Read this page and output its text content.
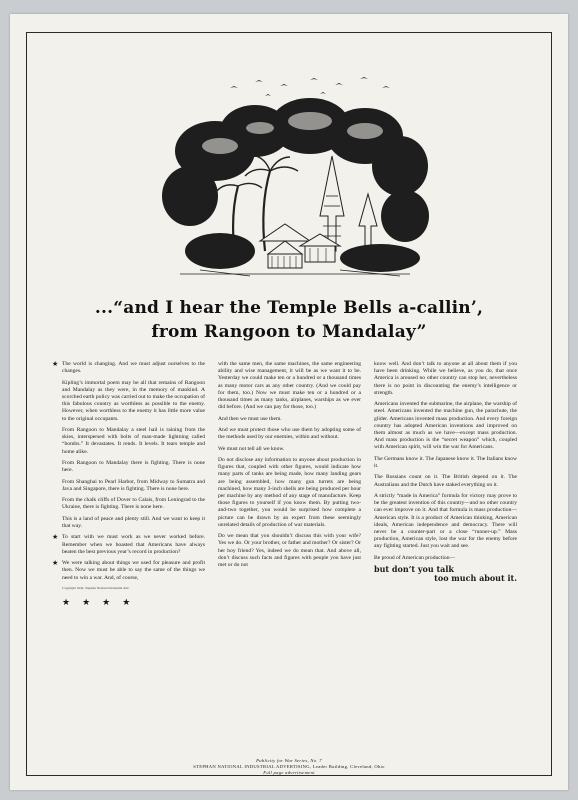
...“and I hear the Temple Bells a-callin’,
from Rangoon to Mandalay”

★ The world is changing. And we must adjust ourselves to the changes.

Kipling’s immortal poem may be all that remains of Rangoon and Mandalay as they were, in the memory of mankind. A scorched earth policy was carried out to make the occupation of this fabulous country as worthless as possible to the enemy. However, when worthless to the enemy it has little more value to the original occupants.

From Rangoon to Mandalay a steel hail is raining from the skies, interspersed with bolts of man-made lightning called “bombs.” It devastates. It rends. It levels. It tears temple and home alike.

From Rangoon to Mandalay there is fighting. There is none here.

From Shanghai to Pearl Harbor, from Midway to Sumatra and Java and Singapore, there is fighting. There is none here.

From the chalk cliffs of Dover to Calais, from Leningrad to the Ukraine, there is fighting. There is none here.

This is a land of peace and plenty still. And we want to keep it that way.

★ To start with we must work as we never worked before. Remember when we boasted that Americans have always beaten the best previous year’s record in production?

★ We were talking about things we used for pleasure and profit then. Now we must be able to say the same of the things we need to win a war. And, of course,

Copyright 1942, Stephan National Industrial Adv.
★ ★ ★ ★

with the same men, the same machines, the same engineering ability and wise management, it will be as we want it to be. Yesterday we could make ten or a hundred or a thousand times as many motor cars as any other country. (And we could pay for them, too.) Now we must make ten or a hundred or a thousand times as many tanks, airplanes, warships as we ever did before. (And we can pay for those, too.)

And then we must use them.

And we must protect those who use them by adopting some of the methods used by our enemies, within and without.

We must not tell all we know.

Do not disclose any information to anyone about production in figures that, coupled with other figures, would indicate how many parts of tanks are being made, how many landing gears are being assembled, how many gun turrets are being machined, how many 3-inch shells are being produced per hour per machine by any method of any stage of manufacture. Keep those figures to yourself if you know them. By putting two-and-two together, you would be surprised how complete a picture can be drawn by an expert from these seemingly unrelated details of production of war materials.

Do we mean that you shouldn’t discuss this with your wife? Yes we do. Or your brother, or father and mother? Or sister? Or her boy friend? Yes, indeed we do mean that. And above all, don’t discuss such facts and figures with people you have just met or do not

know well. And don’t talk to anyone at all about them if you have been drinking. While we believe, as you do, that once America is aroused no other country can stop her, nevertheless there is no point in discounting the enemy’s intelligence or strength.

Americans invented the submarine, the airplane, the warship of steel. Americans invented the machine gun, the parachute, the glider. Americans invented mass production. And every foreign country has adopted American inventions and improved on them almost as much as we have—except mass production. And mass production is the “secret weapon” which, coupled with American spirit, will win the war for Americans.

The Germans know it. The Japanese know it. The Italians know it.

The Russians count on it. The British depend on it. The Australians and the Dutch have staked everything on it.

A strictly “made in America” formula for victory may prove to be the greatest invention of this country—and no other country can ever improve on it. And that formula is mass production—American style. It is a product of American thinking, American ideals, American independence and democracy. There will never be a counter-part or a close “runner-up.” Mass production, American style, lost the war for the enemy before any fighting started. Just you wait and see.

Be proud of American production—

but don’t you talk
too much about it.
Publicity for War Series, No. 7
STEPHAN NATIONAL INDUSTRIAL ADVERTISING, Leader Building, Cleveland, Ohio
Full page advertisement
